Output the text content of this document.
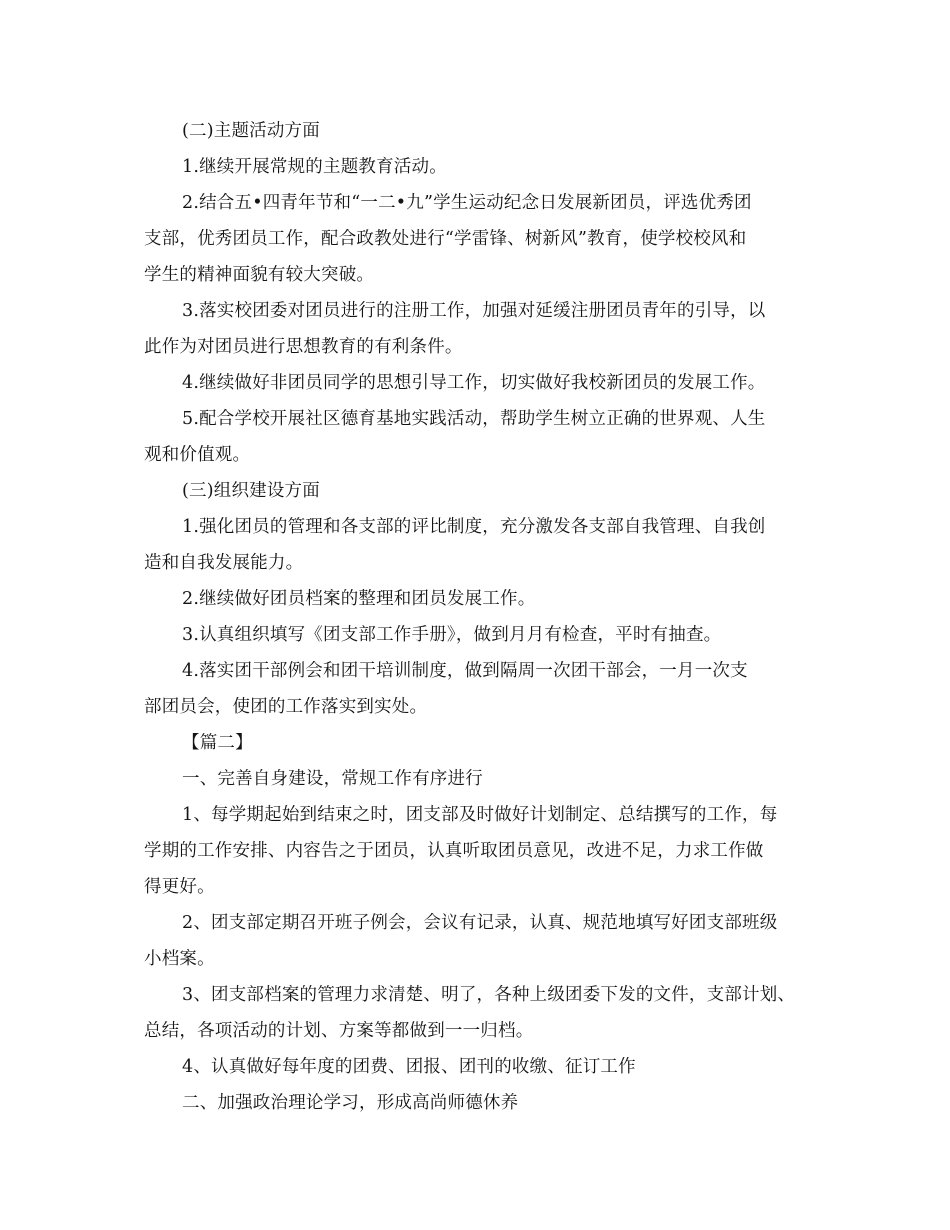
(二)主题活动方面
1.继续开展常规的主题教育活动。
2.结合五•四青年节和“一二•九”学生运动纪念日发展新团员，评选优秀团
支部，优秀团员工作，配合政教处进行“学雷锋、树新风”教育，使学校校风和
学生的精神面貌有较大突破。
3.落实校团委对团员进行的注册工作，加强对延缓注册团员青年的引导，以
此作为对团员进行思想教育的有利条件。
4.继续做好非团员同学的思想引导工作，切实做好我校新团员的发展工作。
5.配合学校开展社区德育基地实践活动，帮助学生树立正确的世界观、人生
观和价值观。
(三)组织建设方面
1.强化团员的管理和各支部的评比制度，充分激发各支部自我管理、自我创
造和自我发展能力。
2.继续做好团员档案的整理和团员发展工作。
3.认真组织填写《团支部工作手册》，做到月月有检查，平时有抽查。
4.落实团干部例会和团干培训制度，做到隔周一次团干部会，一月一次支
部团员会，使团的工作落实到实处。
【篇二】
一、完善自身建设，常规工作有序进行
1、每学期起始到结束之时，团支部及时做好计划制定、总结撰写的工作，每
学期的工作安排、内容告之于团员，认真听取团员意见，改进不足，力求工作做
得更好。
2、团支部定期召开班子例会，会议有记录，认真、规范地填写好团支部班级
小档案。
3、团支部档案的管理力求清楚、明了，各种上级团委下发的文件，支部计划、
总结，各项活动的计划、方案等都做到一一归档。
4、认真做好每年度的团费、团报、团刊的收缴、征订工作
二、加强政治理论学习，形成高尚师德休养
